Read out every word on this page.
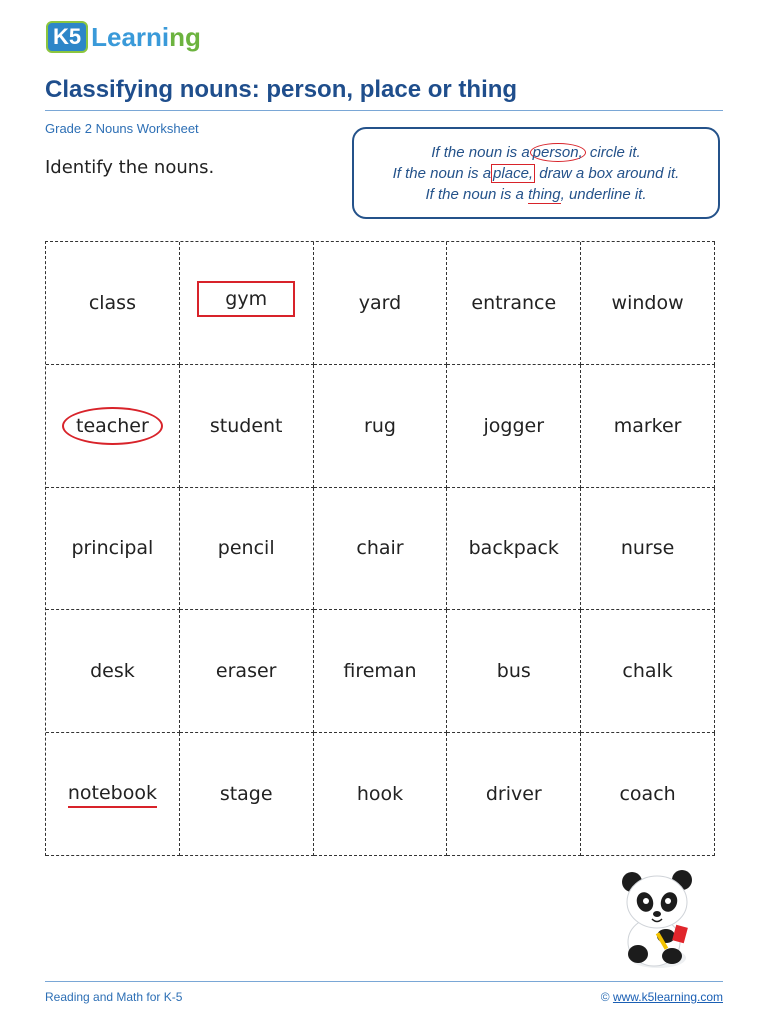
K5 Learning
Classifying nouns: person, place or thing
Grade 2 Nouns Worksheet
Identify the nouns.
If the noun is a person, circle it.
If the noun is a place, draw a box around it.
If the noun is a thing, underline it.
class	gym	yard	entrance	window
teacher	student	rug	jogger	marker
principal	pencil	chair	backpack	nurse
desk	eraser	fireman	bus	chalk
notebook	stage	hook	driver	coach
Reading and Math for K-5	© www.k5learning.com
